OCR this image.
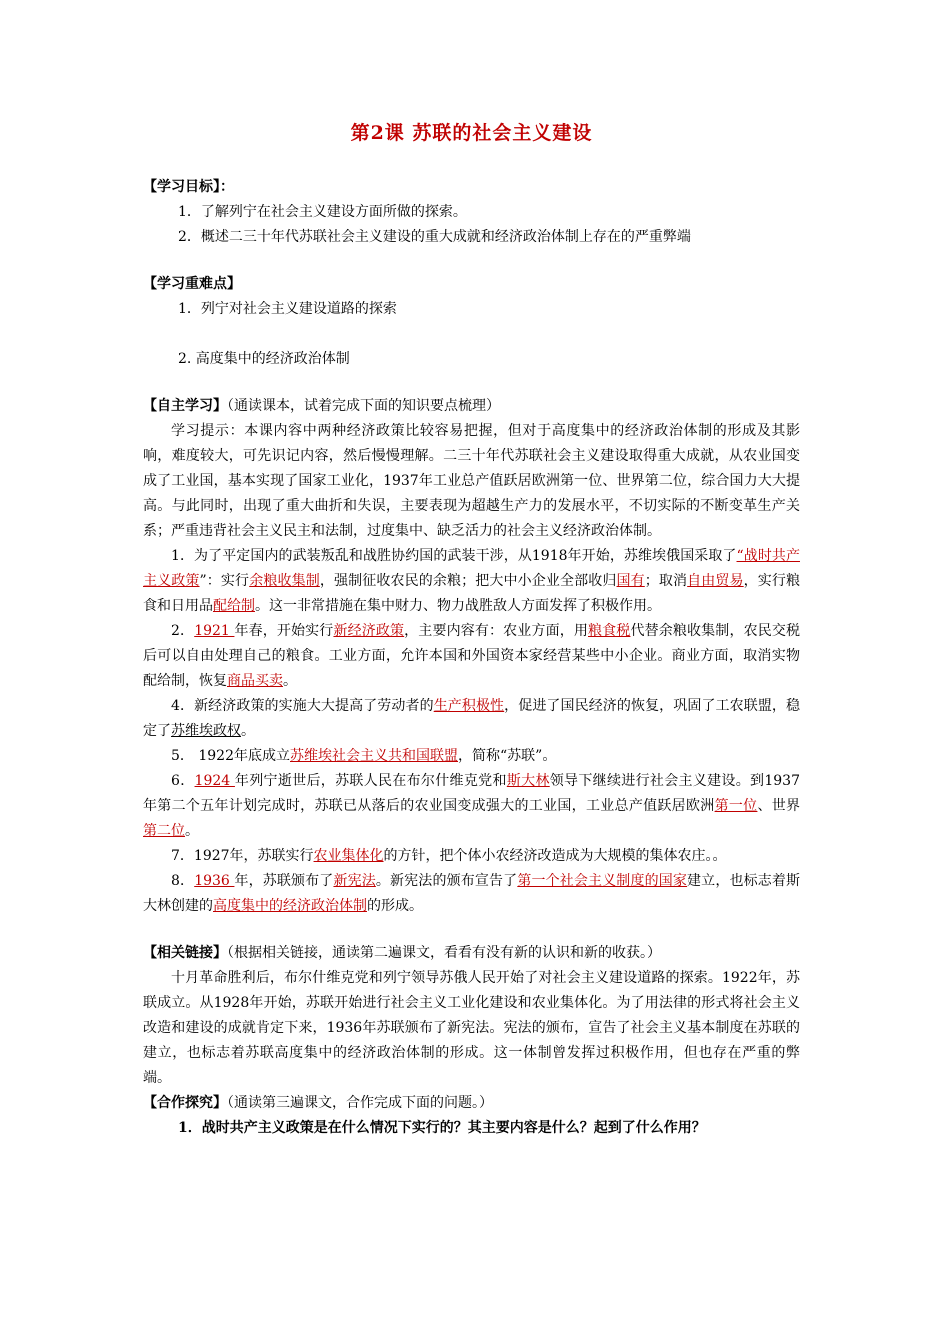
第2课 苏联的社会主义建设
【学习目标】：
1．了解列宁在社会主义建设方面所做的探索。
2．概述二三十年代苏联社会主义建设的重大成就和经济政治体制上存在的严重弊端
【学习重难点】
1．列宁对社会主义建设道路的探索
2. 高度集中的经济政治体制
【自主学习】（通读课本，试着完成下面的知识要点梳理）
学习提示：本课内容中两种经济政策比较容易把握，但对于高度集中的经济政治体制的形成及其影响，难度较大，可先识记内容，然后慢慢理解。二三十年代苏联社会主义建设取得重大成就，从农业国变成了工业国，基本实现了国家工业化，1937年工业总产值跃居欧洲第一位、世界第二位，综合国力大大提高。与此同时，出现了重大曲折和失误，主要表现为超越生产力的发展水平，不切实际的不断变革生产关系；严重违背社会主义民主和法制，过度集中、缺乏活力的社会主义经济政治体制。
1．为了平定国内的武装叛乱和战胜协约国的武装干涉，从1918年开始，苏维埃俄国采取了“战时共产主义政策”：实行余粮收集制，强制征收农民的余粮；把大中小企业全部收归国有；取消自由贸易，实行粮食和日用品配给制。这一非常措施在集中财力、物力战胜敌人方面发挥了积极作用。
2．1921 年春，开始实行新经济政策，主要内容有：农业方面，用粮食税代替余粮收集制，农民交税后可以自由处理自己的粮食。工业方面，允许本国和外国资本家经营某些中小企业。商业方面，取消实物配给制，恢复商品买卖。
4．新经济政策的实施大大提高了劳动者的生产积极性，促进了国民经济的恢复，巩固了工农联盟，稳定了苏维埃政权。
5． 1922年底成立苏维埃社会主义共和国联盟，简称“苏联”。
6．1924 年列宁逝世后，苏联人民在布尔什维克党和斯大林领导下继续进行社会主义建设。到1937年第二个五年计划完成时，苏联已从落后的农业国变成强大的工业国，工业总产值跃居欧洲第一位、世界第二位。
7．1927年，苏联实行农业集体化的方针，把个体小农经济改造成为大规模的集体农庄。。
8．1936 年，苏联颁布了新宪法。新宪法的颁布宣告了第一个社会主义制度的国家建立，也标志着斯大林创建的高度集中的经济政治体制的形成。
【相关链接】（根据相关链接，通读第二遍课文，看看有没有新的认识和新的收获。）
十月革命胜利后，布尔什维克党和列宁领导苏俄人民开始了对社会主义建设道路的探索。1922年，苏联成立。从1928年开始，苏联开始进行社会主义工业化建设和农业集体化。为了用法律的形式将社会主义改造和建设的成就肯定下来，1936年苏联颁布了新宪法。宪法的颁布，宣告了社会主义基本制度在苏联的建立，也标志着苏联高度集中的经济政治体制的形成。这一体制曾发挥过积极作用，但也存在严重的弊端。
【合作探究】（通读第三遍课文，合作完成下面的问题。）
1．战时共产主义政策是在什么情况下实行的？其主要内容是什么？起到了什么作用？
